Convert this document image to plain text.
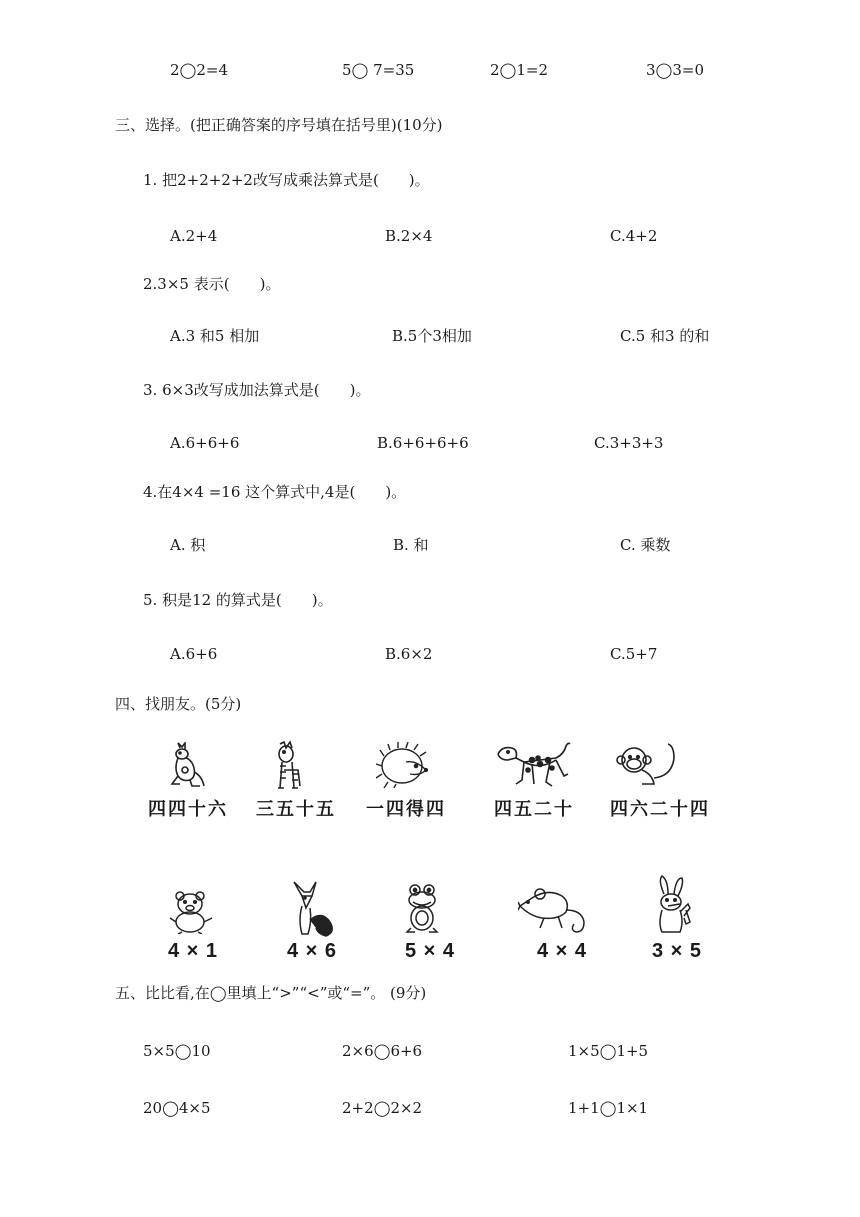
2◯2=4	5◯ 7=35	2◯1=2	3◯3=0
三、选择。(把正确答案的序号填在括号里)(10分)
1. 把2+2+2+2改写成乘法算式是(　　)。
A.2+4	B.2×4	C.4+2
2.3×5 表示(　　)。
A.3 和5 相加	B.5个3相加	C.5 和3 的和
3. 6×3改写成加法算式是(　　)。
A.6+6+6	B.6+6+6+6	C.3+3+3
4.在4×4 =16 这个算式中,4是(　　)。
A. 积	B. 和	C. 乘数
5. 积是12 的算式是(　　)。
A.6+6	B.6×2	C.5+7
四、找朋友。(5分)
四四十六 三五十五 一四得四	四五二十 四六二十四
4 × 1	4 × 6	5 × 4	4 × 4	3 × 5
五、比比看,在◯里填上“>”“<”或“=”。 (9分)
5×5◯10	2×6◯6+6	1×5◯1+5
20◯4×5	2+2◯2×2	1+1◯1×1
